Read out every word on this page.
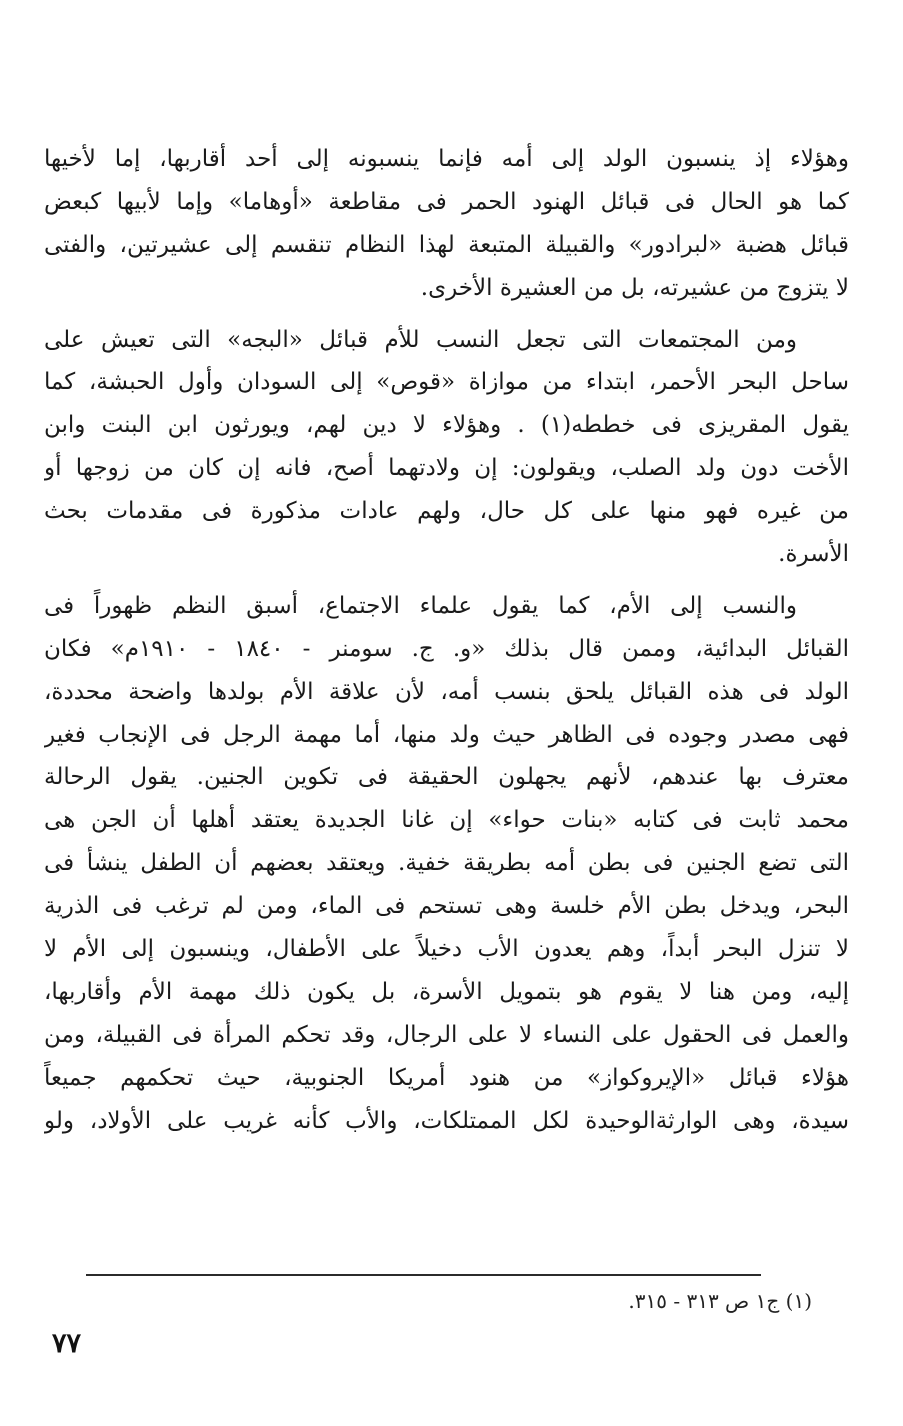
وهؤلاء إذ ينسبون الولد إلى أمه فإنما ينسبونه إلى أحد أقاربها، إما لأخيها
كما هو الحال فى قبائل الهنود الحمر فى مقاطعة «أوهاما» وإما لأبيها كبعض
قبائل هضبة «لبرادور» والقبيلة المتبعة لهذا النظام تنقسم إلى عشيرتين، والفتى
لا يتزوج من عشيرته، بل من العشيرة الأخرى.
ومن المجتمعات التى تجعل النسب للأم قبائل «البجه» التى تعيش على
ساحل البحر الأحمر، ابتداء من موازاة «قوص» إلى السودان وأول الحبشة، كما
يقول المقريزى فى خططه(١) . وهؤلاء لا دين لهم، ويورثون ابن البنت وابن
الأخت دون ولد الصلب، ويقولون: إن ولادتهما أصح، فانه إن كان من زوجها أو
من غيره فهو منها على كل حال، ولهم عادات مذكورة فى مقدمات بحث
الأسرة.
والنسب إلى الأم، كما يقول علماء الاجتماع، أسبق النظم ظهوراً فى
القبائل البدائية، وممن قال بذلك «و. ج. سومنر - ١٨٤٠ - ١٩١٠م» فكان
الولد فى هذه القبائل يلحق بنسب أمه، لأن علاقة الأم بولدها واضحة محددة،
فهى مصدر وجوده فى الظاهر حيث ولد منها، أما مهمة الرجل فى الإنجاب فغير
معترف بها عندهم، لأنهم يجهلون الحقيقة فى تكوين الجنين. يقول الرحالة
محمد ثابت فى كتابه «بنات حواء» إن غانا الجديدة يعتقد أهلها أن الجن هى
التى تضع الجنين فى بطن أمه بطريقة خفية. ويعتقد بعضهم أن الطفل ينشأ فى
البحر، ويدخل بطن الأم خلسة وهى تستحم فى الماء، ومن لم ترغب فى الذرية
لا تنزل البحر أبداً، وهم يعدون الأب دخيلاً على الأطفال، وينسبون إلى الأم لا
إليه، ومن هنا لا يقوم هو بتمويل الأسرة، بل يكون ذلك مهمة الأم وأقاربها،
والعمل فى الحقول على النساء لا على الرجال، وقد تحكم المرأة فى القبيلة، ومن
هؤلاء قبائل «الإيروكواز» من هنود أمريكا الجنوبية، حيث تحكمهم جميعاً
سيدة، وهى الوارثةالوحيدة لكل الممتلكات، والأب كأنه غريب على الأولاد، ولو
(١) ج١ ص ٣١٣ - ٣١٥.
٧٧
